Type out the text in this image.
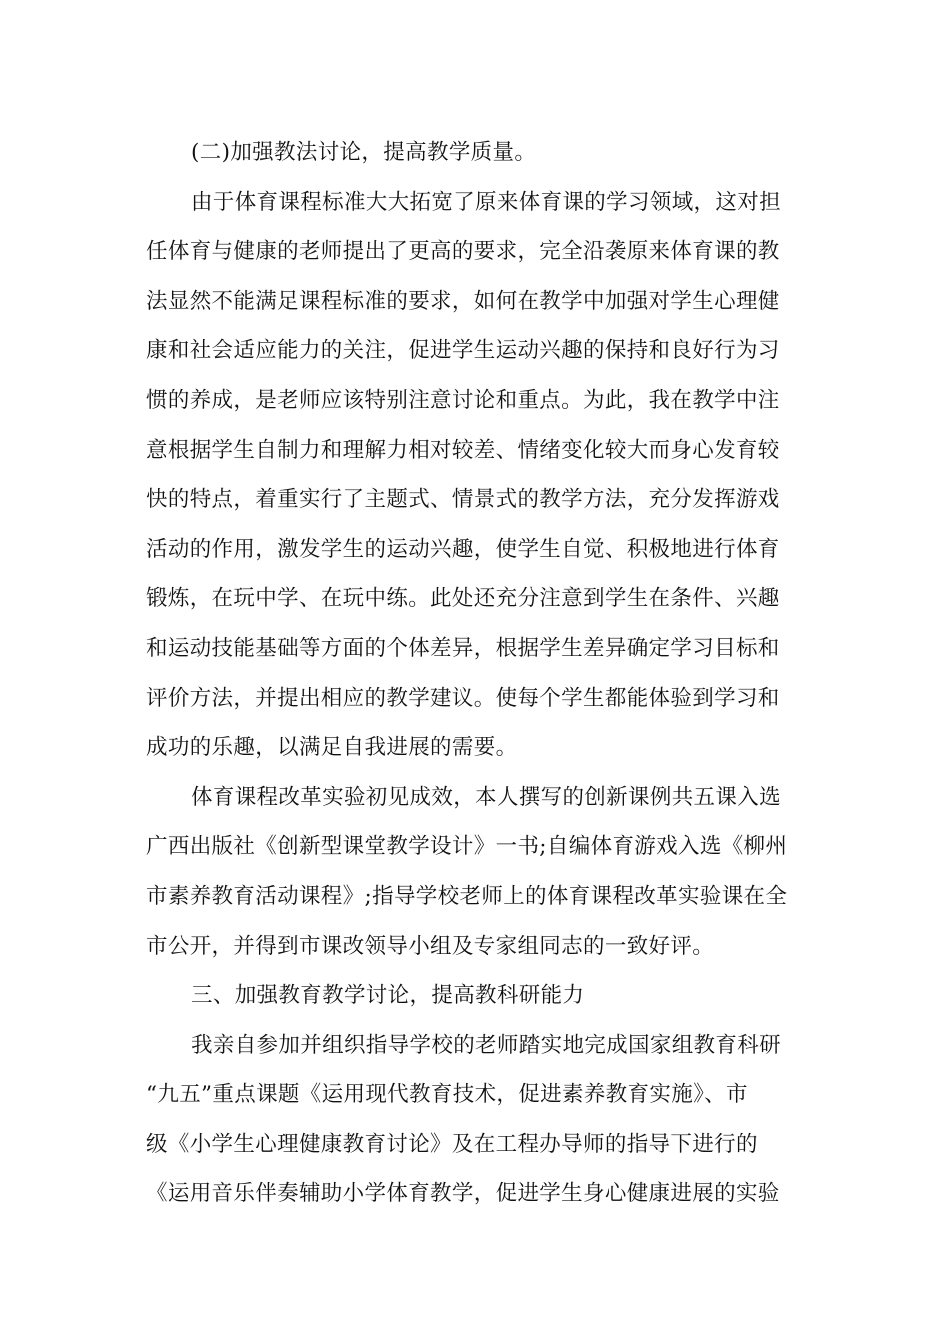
(二)加强教法讨论，提高教学质量。
由于体育课程标准大大拓宽了原来体育课的学习领域，这对担
任体育与健康的老师提出了更高的要求，完全沿袭原来体育课的教
法显然不能满足课程标准的要求，如何在教学中加强对学生心理健
康和社会适应能力的关注，促进学生运动兴趣的保持和良好行为习
惯的养成，是老师应该特别注意讨论和重点。为此，我在教学中注
意根据学生自制力和理解力相对较差、情绪变化较大而身心发育较
快的特点，着重实行了主题式、情景式的教学方法，充分发挥游戏
活动的作用，激发学生的运动兴趣，使学生自觉、积极地进行体育
锻炼，在玩中学、在玩中练。此处还充分注意到学生在条件、兴趣
和运动技能基础等方面的个体差异，根据学生差异确定学习目标和
评价方法，并提出相应的教学建议。使每个学生都能体验到学习和
成功的乐趣，以满足自我进展的需要。
体育课程改革实验初见成效，本人撰写的创新课例共五课入选
广西出版社《创新型课堂教学设计》一书;自编体育游戏入选《柳州
市素养教育活动课程》;指导学校老师上的体育课程改革实验课在全
市公开，并得到市课改领导小组及专家组同志的一致好评。
三、加强教育教学讨论，提高教科研能力
我亲自参加并组织指导学校的老师踏实地完成国家组教育科研
“九五”重点课题《运用现代教育技术，促进素养教育实施》、市
级《小学生心理健康教育讨论》及在工程办导师的指导下进行的
《运用音乐伴奏辅助小学体育教学，促进学生身心健康进展的实验
